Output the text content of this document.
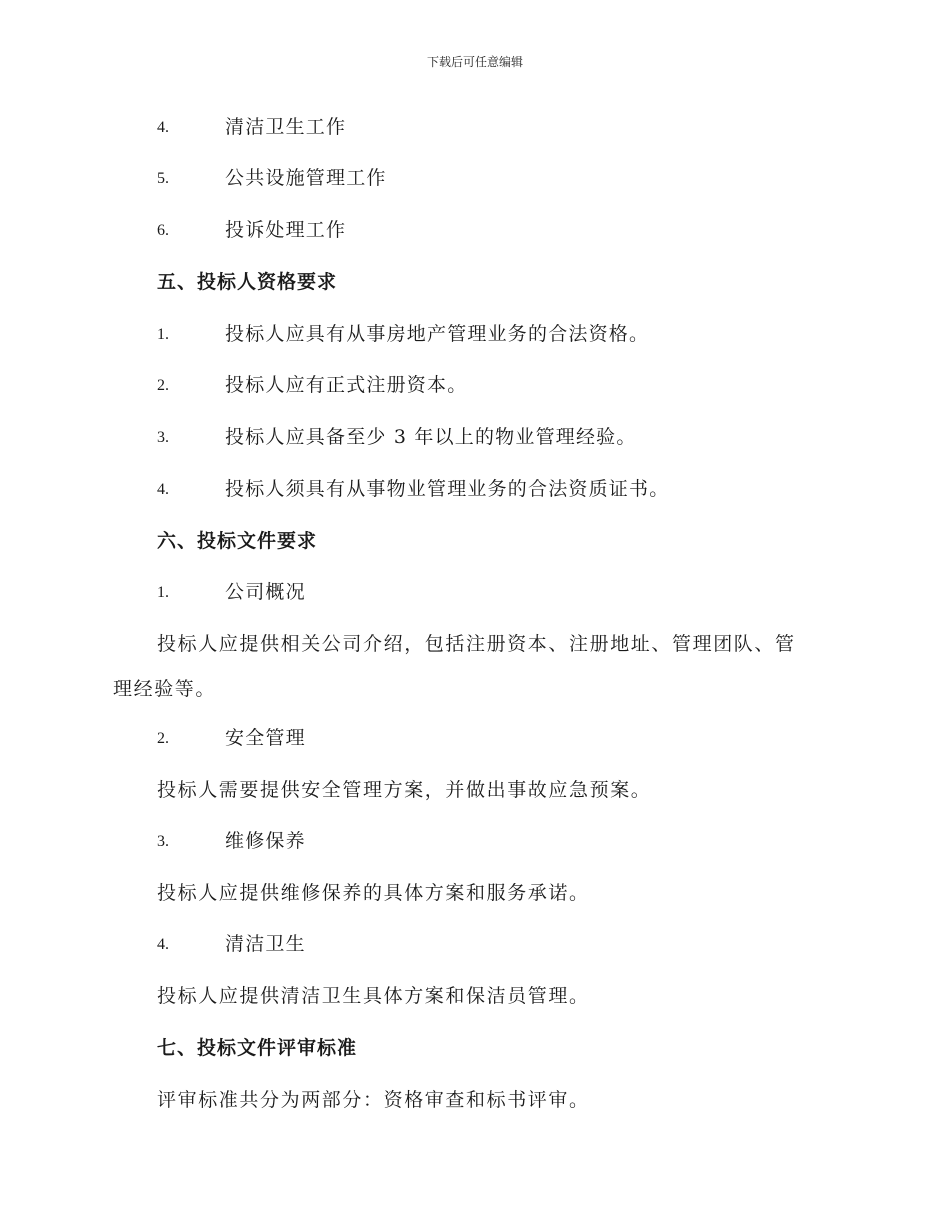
下载后可任意编辑
4.	清洁卫生工作
5.	公共设施管理工作
6.	投诉处理工作
五、投标人资格要求
1.	投标人应具有从事房地产管理业务的合法资格。
2.	投标人应有正式注册资本。
3.	投标人应具备至少 3 年以上的物业管理经验。
4.	投标人须具有从事物业管理业务的合法资质证书。
六、投标文件要求
1.	公司概况
投标人应提供相关公司介绍，包括注册资本、注册地址、管理团队、管
理经验等。
2.	安全管理
投标人需要提供安全管理方案，并做出事故应急预案。
3.	维修保养
投标人应提供维修保养的具体方案和服务承诺。
4.	清洁卫生
投标人应提供清洁卫生具体方案和保洁员管理。
七、投标文件评审标准
评审标准共分为两部分：资格审查和标书评审。
